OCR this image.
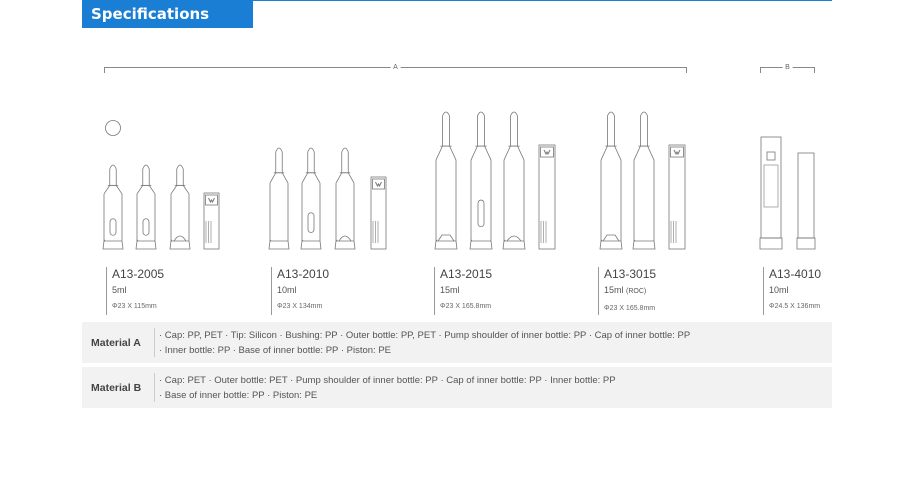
Specifications
A	B
A13-2005
5ml
Φ23 X 115mm
A13-2010
10ml
Φ23 X 134mm
A13-2015
15ml
Φ23 X 165.8mm
A13-3015
15ml (ROC)
Φ23 X 165.8mm
A13-4010
10ml
Φ24.5 X 136mm
Material A
· Cap: PP, PET · Tip: Silicon · Bushing: PP · Outer bottle: PP, PET · Pump shoulder of inner bottle: PP · Cap of inner bottle: PP
· Inner bottle: PP · Base of inner bottle: PP · Piston: PE
Material B
· Cap: PET · Outer bottle: PET · Pump shoulder of inner bottle: PP · Cap of inner bottle: PP · Inner bottle: PP
· Base of inner bottle: PP · Piston: PE
